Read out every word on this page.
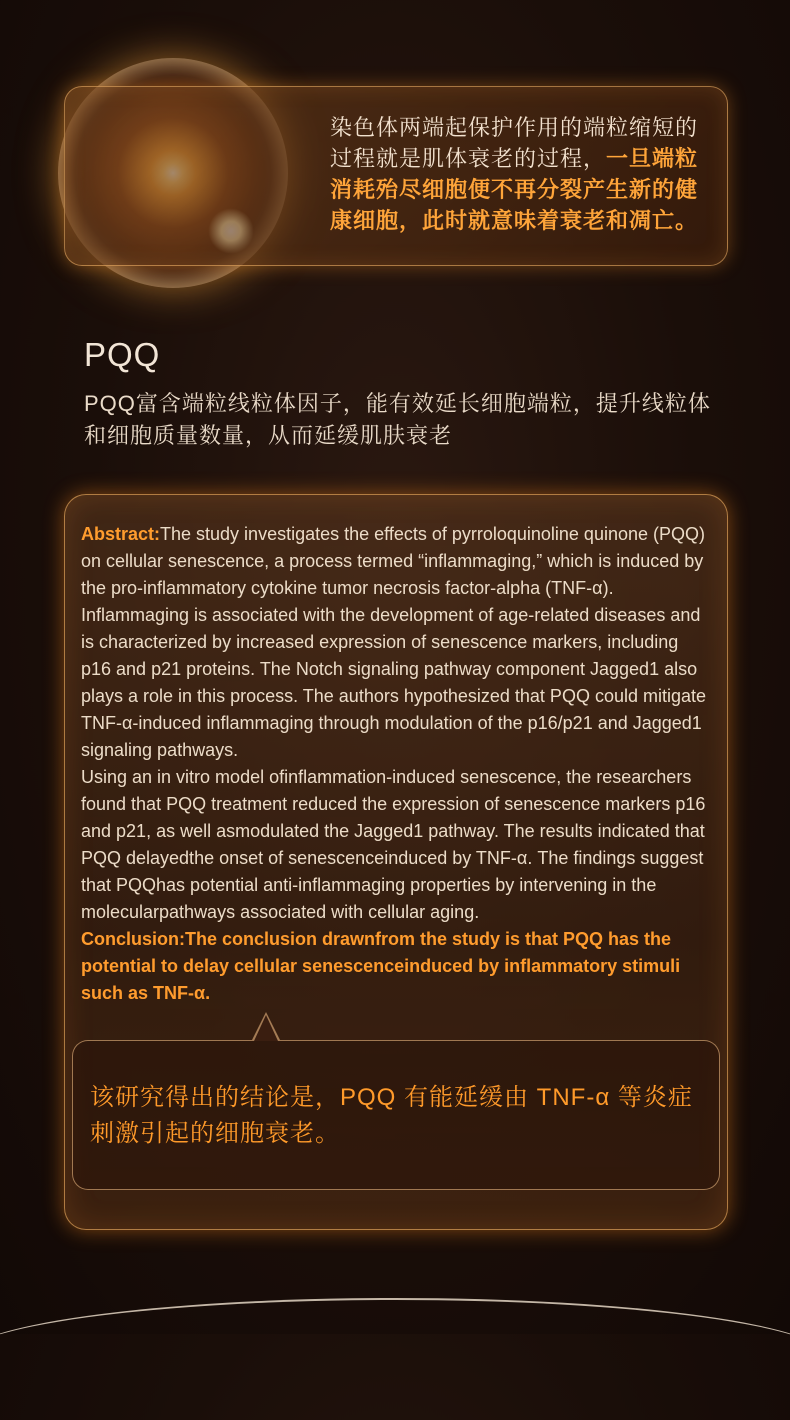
染色体两端起保护作用的端粒缩短的过程就是肌体衰老的过程，一旦端粒消耗殆尽细胞便不再分裂产生新的健康细胞，此时就意味着衰老和凋亡。
PQQ
PQQ富含端粒线粒体因子，能有效延长细胞端粒，提升线粒体和细胞质量数量，从而延缓肌肤衰老
Abstract:The study investigates the effects of pyrroloquinoline quinone (PQQ) on cellular senescence, a process termed “inflammaging,” which is induced by the pro-inflammatory cytokine tumor necrosis factor-alpha (TNF-α). Inflammaging is associated with the development of age-related diseases and is characterized by increased expression of senescence markers, including p16 and p21 proteins. The Notch signaling pathway component Jagged1 also plays a role in this process. The authors hypothesized that PQQ could mitigate TNF-α-induced inflammaging through modulation of the p16/p21 and Jagged1 signaling pathways.
Using an in vitro model ofinflammation-induced senescence, the researchers found that PQQ treatment reduced the expression of senescence markers p16 and p21, as well asmodulated the Jagged1 pathway. The results indicated that PQQ delayedthe onset of senescenceinduced by TNF-α. The findings suggest that PQQhas potential anti-inflammaging properties by intervening in the molecularpathways associated with cellular aging.
Conclusion:The conclusion drawnfrom the study is that PQQ has the potential to delay cellular senescenceinduced by inflammatory stimuli such as TNF-α.
该研究得出的结论是，PQQ 有能延缓由 TNF-α 等炎症刺激引起的细胞衰老。
